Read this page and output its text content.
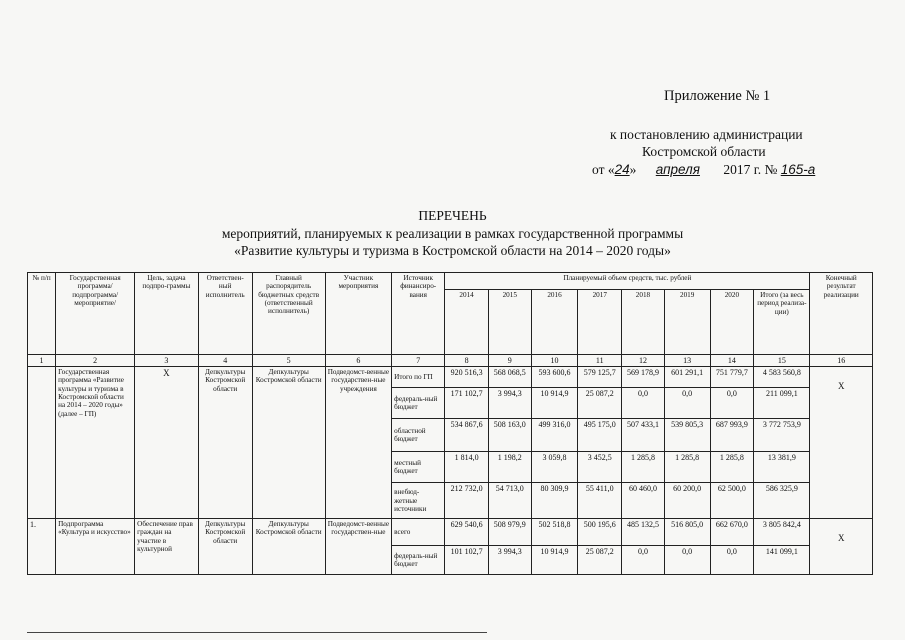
Приложение № 1
к постановлению администрации
Костромской области
от «24» апреля 2017 г. № 165-а
ПЕРЕЧЕНЬ
мероприятий, планируемых к реализации в рамках государственной программы
«Развитие культуры и туризма в Костромской области на 2014 – 2020 годы»
№ п/п	Государственная программа/ подпрограмма/ мероприятие/	Цель, задача подпро-граммы	Ответствен-ный исполнитель	Главный распорядитель бюджетных средств (ответственный исполнитель)	Участник мероприятия	Источник финансиро-вания	Планируемый объем средств, тыс. рублей								Конечный результат реализации
							2014	2015	2016	2017	2018	2019	2020	Итого (за весь период реализа-ции)	
1	2	3	4	5	6	7	8	9	10	11	12	13	14	15	16
	Государственная программа «Развитие культуры и туризма в Костромской области на 2014 – 2020 годы» (далее – ГП)	Х	Депкультуры Костромской области	Депкультуры Костромской области	Подведомст-венные государствен-ные учреждения	Итого по ГП	920 516,3	568 068,5	593 600,6	579 125,7	569 178,9	601 291,1	751 779,7	4 583 560,8	Х
						федераль-ный бюджет	171 102,7	3 994,3	10 914,9	25 087,2	0,0	0,0	0,0	211 099,1	
						областной бюджет	534 867,6	508 163,0	499 316,0	495 175,0	507 433,1	539 805,3	687 993,9	3 772 753,9	
						местный бюджет	1 814,0	1 198,2	3 059,8	3 452,5	1 285,8	1 285,8	1 285,8	13 381,9	
						внебюд-жетные источники	212 732,0	54 713,0	80 309,9	55 411,0	60 460,0	60 200,0	62 500,0	586 325,9	
1.	Подпрограмма «Культура и искусство»	Обеспечение прав граждан на участие в культурной	Депкультуры Костромской области	Депкультуры Костромской области	Подведомст-венные государствен-ные	всего	629 540,6	508 979,9	502 518,8	500 195,6	485 132,5	516 805,0	662 670,0	3 805 842,4	Х
						федераль-ный бюджет	101 102,7	3 994,3	10 914,9	25 087,2	0,0	0,0	0,0	141 099,1	
